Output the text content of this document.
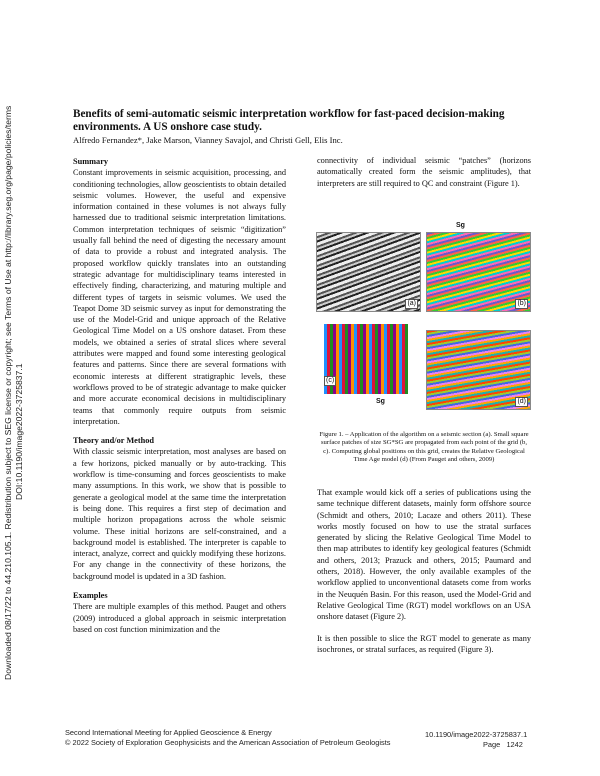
Downloaded 08/17/22 to 44.210.105.1. Redistribution subject to SEG license or copyright; see Terms of Use at http://library.seg.org/page/policies/terms DOI:10.1190/image2022-3725837.1
Benefits of semi-automatic seismic interpretation workflow for fast-paced decision-making environments. A US onshore case study.
Alfredo Fernandez*, Jake Marson, Vianney Savajol, and Christi Gell, Elis Inc.
Summary

Constant improvements in seismic acquisition, processing, and conditioning technologies, allow geoscientists to obtain detailed seismic volumes. However, the useful and expensive information contained in these volumes is not always fully harnessed due to traditional seismic interpretation limitations. Common interpretation techniques of seismic “digitization” usually fall behind the need of digesting the necessary amount of data to provide a robust and integrated analysis. The proposed workflow quickly translates into an outstanding strategic advantage for multidisciplinary teams interested in effectively finding, characterizing, and maturing multiple and different types of targets in seismic volumes. We used the Teapot Dome 3D seismic survey as input for demonstrating the use of the Model-Grid and unique approach of the Relative Geological Time Model on a US onshore dataset. From these models, we obtained a series of stratal slices where several attributes were mapped and found some interesting geological features and patterns. Since there are several formations with economic interests at different stratigraphic levels, these workflows proved to be of strategic advantage to make quicker and more accurate economical decisions in multidisciplinary teams that commonly require outputs from seismic interpretation.

Theory and/or Method

With classic seismic interpretation, most analyses are based on a few horizons, picked manually or by auto-tracking. This workflow is time-consuming and forces geoscientists to make many assumptions. In this work, we show that is possible to generate a geological model at the same time the interpretation is being done. This requires a first step of decimation and multiple horizon propagations across the whole seismic volume. These initial horizons are self-constrained, and a background model is established. The interpreter is capable to interact, analyze, correct and quickly modifying these horizons. For any change in the connectivity of these horizons, the background model is updated in a 3D fashion.

Examples

There are multiple examples of this method. Pauget and others (2009) introduced a global approach in seismic interpretation based on cost function minimization and the

connectivity of individual seismic “patches” (horizons automatically created form the seismic amplitudes), that interpreters are still required to QC and constraint (Figure 1).

(a)	(b)
Sg
(c)
Sg	(d)
Figure 1. – Application of the algorithm on a seismic section (a). Small square surface patches of size SG*SG are propagated from each point of the grid (b, c). Computing global positions on this grid, creates the Relative Geological Time Age model (d) (From Pauget and others, 2009)

That example would kick off a series of publications using the same technique different datasets, mainly form offshore source (Schmidt and others, 2010; Lacaze and others 2011). These works mostly focused on how to use the stratal surfaces generated by slicing the Relative Geological Time Model to then map attributes to identify key geological features (Schmidt and others, 2013; Prazuck and others, 2015; Paumard and others, 2018). However, the only available examples of the workflow applied to unconventional datasets come from works in the Neuquén Basin. For this reason, used the Model-Grid and Relative Geological Time (RGT) model workflows on an USA onshore dataset (Figure 2).

It is then possible to slice the RGT model to generate as many isochrones, or stratal surfaces, as required (Figure 3).

Second International Meeting for Applied Geoscience & Energy
© 2022 Society of Exploration Geophysicists and the American Association of Petroleum Geologists
10.1190/image2022-3725837.1
Page 1242
